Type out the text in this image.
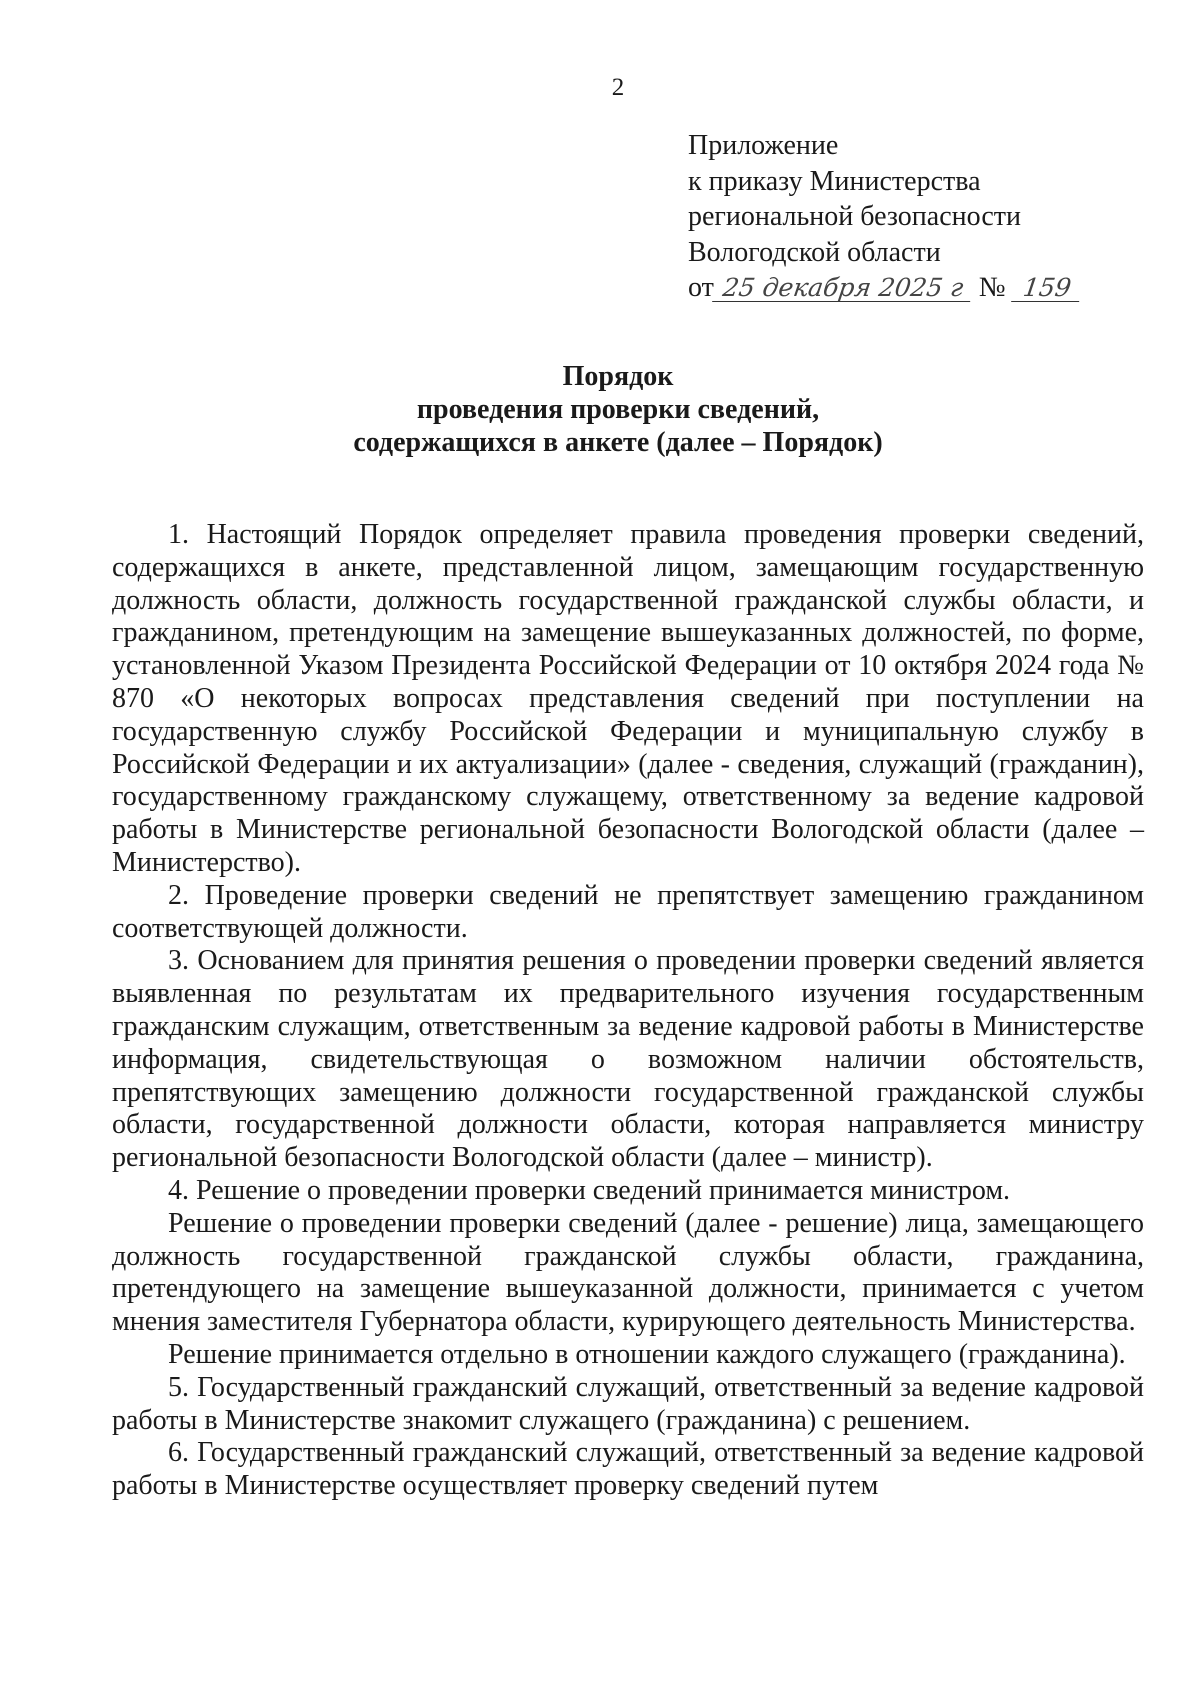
2
Приложение
к приказу Министерства
региональной безопасности
Вологодской области
от 25 декабря 2025 г № 159
Порядок
проведения проверки сведений,
содержащихся в анкете (далее – Порядок)

1. Настоящий Порядок определяет правила проведения проверки сведений, содержащихся в анкете, представленной лицом, замещающим государственную должность области, должность государственной гражданской службы области, и гражданином, претендующим на замещение вышеуказанных должностей, по форме, установленной Указом Президента Российской Федерации от 10 октября 2024 года № 870 «О некоторых вопросах представления сведений при поступлении на государственную службу Российской Федерации и муниципальную службу в Российской Федерации и их актуализации» (далее - сведения, служащий (гражданин), государственному гражданскому служащему, ответственному за ведение кадровой работы в Министерстве региональной безопасности Вологодской области (далее – Министерство).

2. Проведение проверки сведений не препятствует замещению гражданином соответствующей должности.

3. Основанием для принятия решения о проведении проверки сведений является выявленная по результатам их предварительного изучения государственным гражданским служащим, ответственным за ведение кадровой работы в Министерстве информация, свидетельствующая о возможном наличии обстоятельств, препятствующих замещению должности государственной гражданской службы области, государственной должности области, которая направляется министру региональной безопасности Вологодской области (далее – министр).

4. Решение о проведении проверки сведений принимается министром.

Решение о проведении проверки сведений (далее - решение) лица, замещающего должность государственной гражданской службы области, гражданина, претендующего на замещение вышеуказанной должности, принимается с учетом мнения заместителя Губернатора области, курирующего деятельность Министерства.

Решение принимается отдельно в отношении каждого служащего (гражданина).

5. Государственный гражданский служащий, ответственный за ведение кадровой работы в Министерстве знакомит служащего (гражданина) с решением.

6. Государственный гражданский служащий, ответственный за ведение кадровой работы в Министерстве осуществляет проверку сведений путем
